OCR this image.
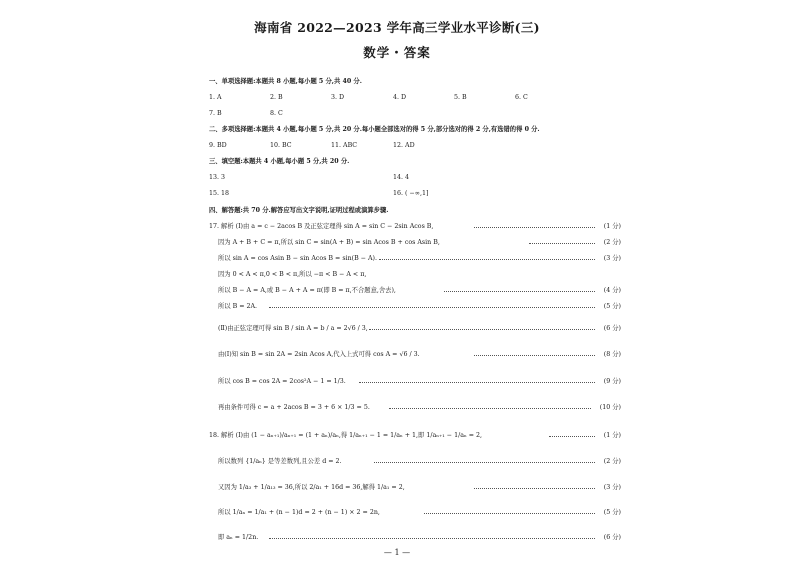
海南省 2022—2023 学年高三学业水平诊断(三)
数学・答案
一、单项选择题:本题共 8 小题,每小题 5 分,共 40 分.
1. A	2. B	3. D	4. D	5. B	6. C
7. B	8. C
二、多项选择题:本题共 4 小题,每小题 5 分,共 20 分.每小题全部选对的得 5 分,部分选对的得 2 分,有选错的得 0 分.
9. BD	10. BC	11. ABC	12. AD
三、填空题:本题共 4 小题,每小题 5 分,共 20 分.
13. 3	14. 4
15. 18	16. ( −∞,1]
四、解答题:共 70 分.解答应写出文字说明,证明过程或演算步骤.
17. 解析 (Ⅰ)由 a = c − 2acos B 及正弦定理得 sin A = sin C − 2sin Acos B,	(1 分)
因为 A + B + C = π,所以 sin C = sin(A + B) = sin Acos B + cos Asin B,	(2 分)
所以 sin A = cos Asin B − sin Acos B = sin(B − A).	(3 分)
因为 0 < A < π,0 < B < π,所以 −π < B − A < π,
所以 B − A = A,或 B − A + A = π(即 B = π,不合题意,舍去),	(4 分)
所以 B = 2A.	(5 分)
(Ⅱ)由正弦定理可得 sin B / sin A = b / a = 2√6 / 3,	(6 分)
由(Ⅰ)知 sin B = sin 2A = 2sin Acos A,代入上式可得 cos A = √6 / 3.	(8 分)
所以 cos B = cos 2A = 2cos²A − 1 = 1/3.	(9 分)
再由条件可得 c = a + 2acos B = 3 + 6 × 1/3 = 5.	(10 分)
18. 解析 (Ⅰ)由 (1 − aₙ₊₁)/aₙ₊₁ = (1 + aₙ)/aₙ,得 1/aₙ₊₁ − 1 = 1/aₙ + 1,即 1/aₙ₊₁ − 1/aₙ = 2,	(1 分)
所以数列 {1/aₙ} 是等差数列,且公差 d = 2.	(2 分)
又因为 1/a₃ + 1/a₁₃ = 36,所以 2/a₁ + 16d = 36,解得 1/a₁ = 2,	(3 分)
所以 1/aₙ = 1/a₁ + (n − 1)d = 2 + (n − 1) × 2 = 2n,	(5 分)
即 aₙ = 1/2n.	(6 分)
— 1 —
